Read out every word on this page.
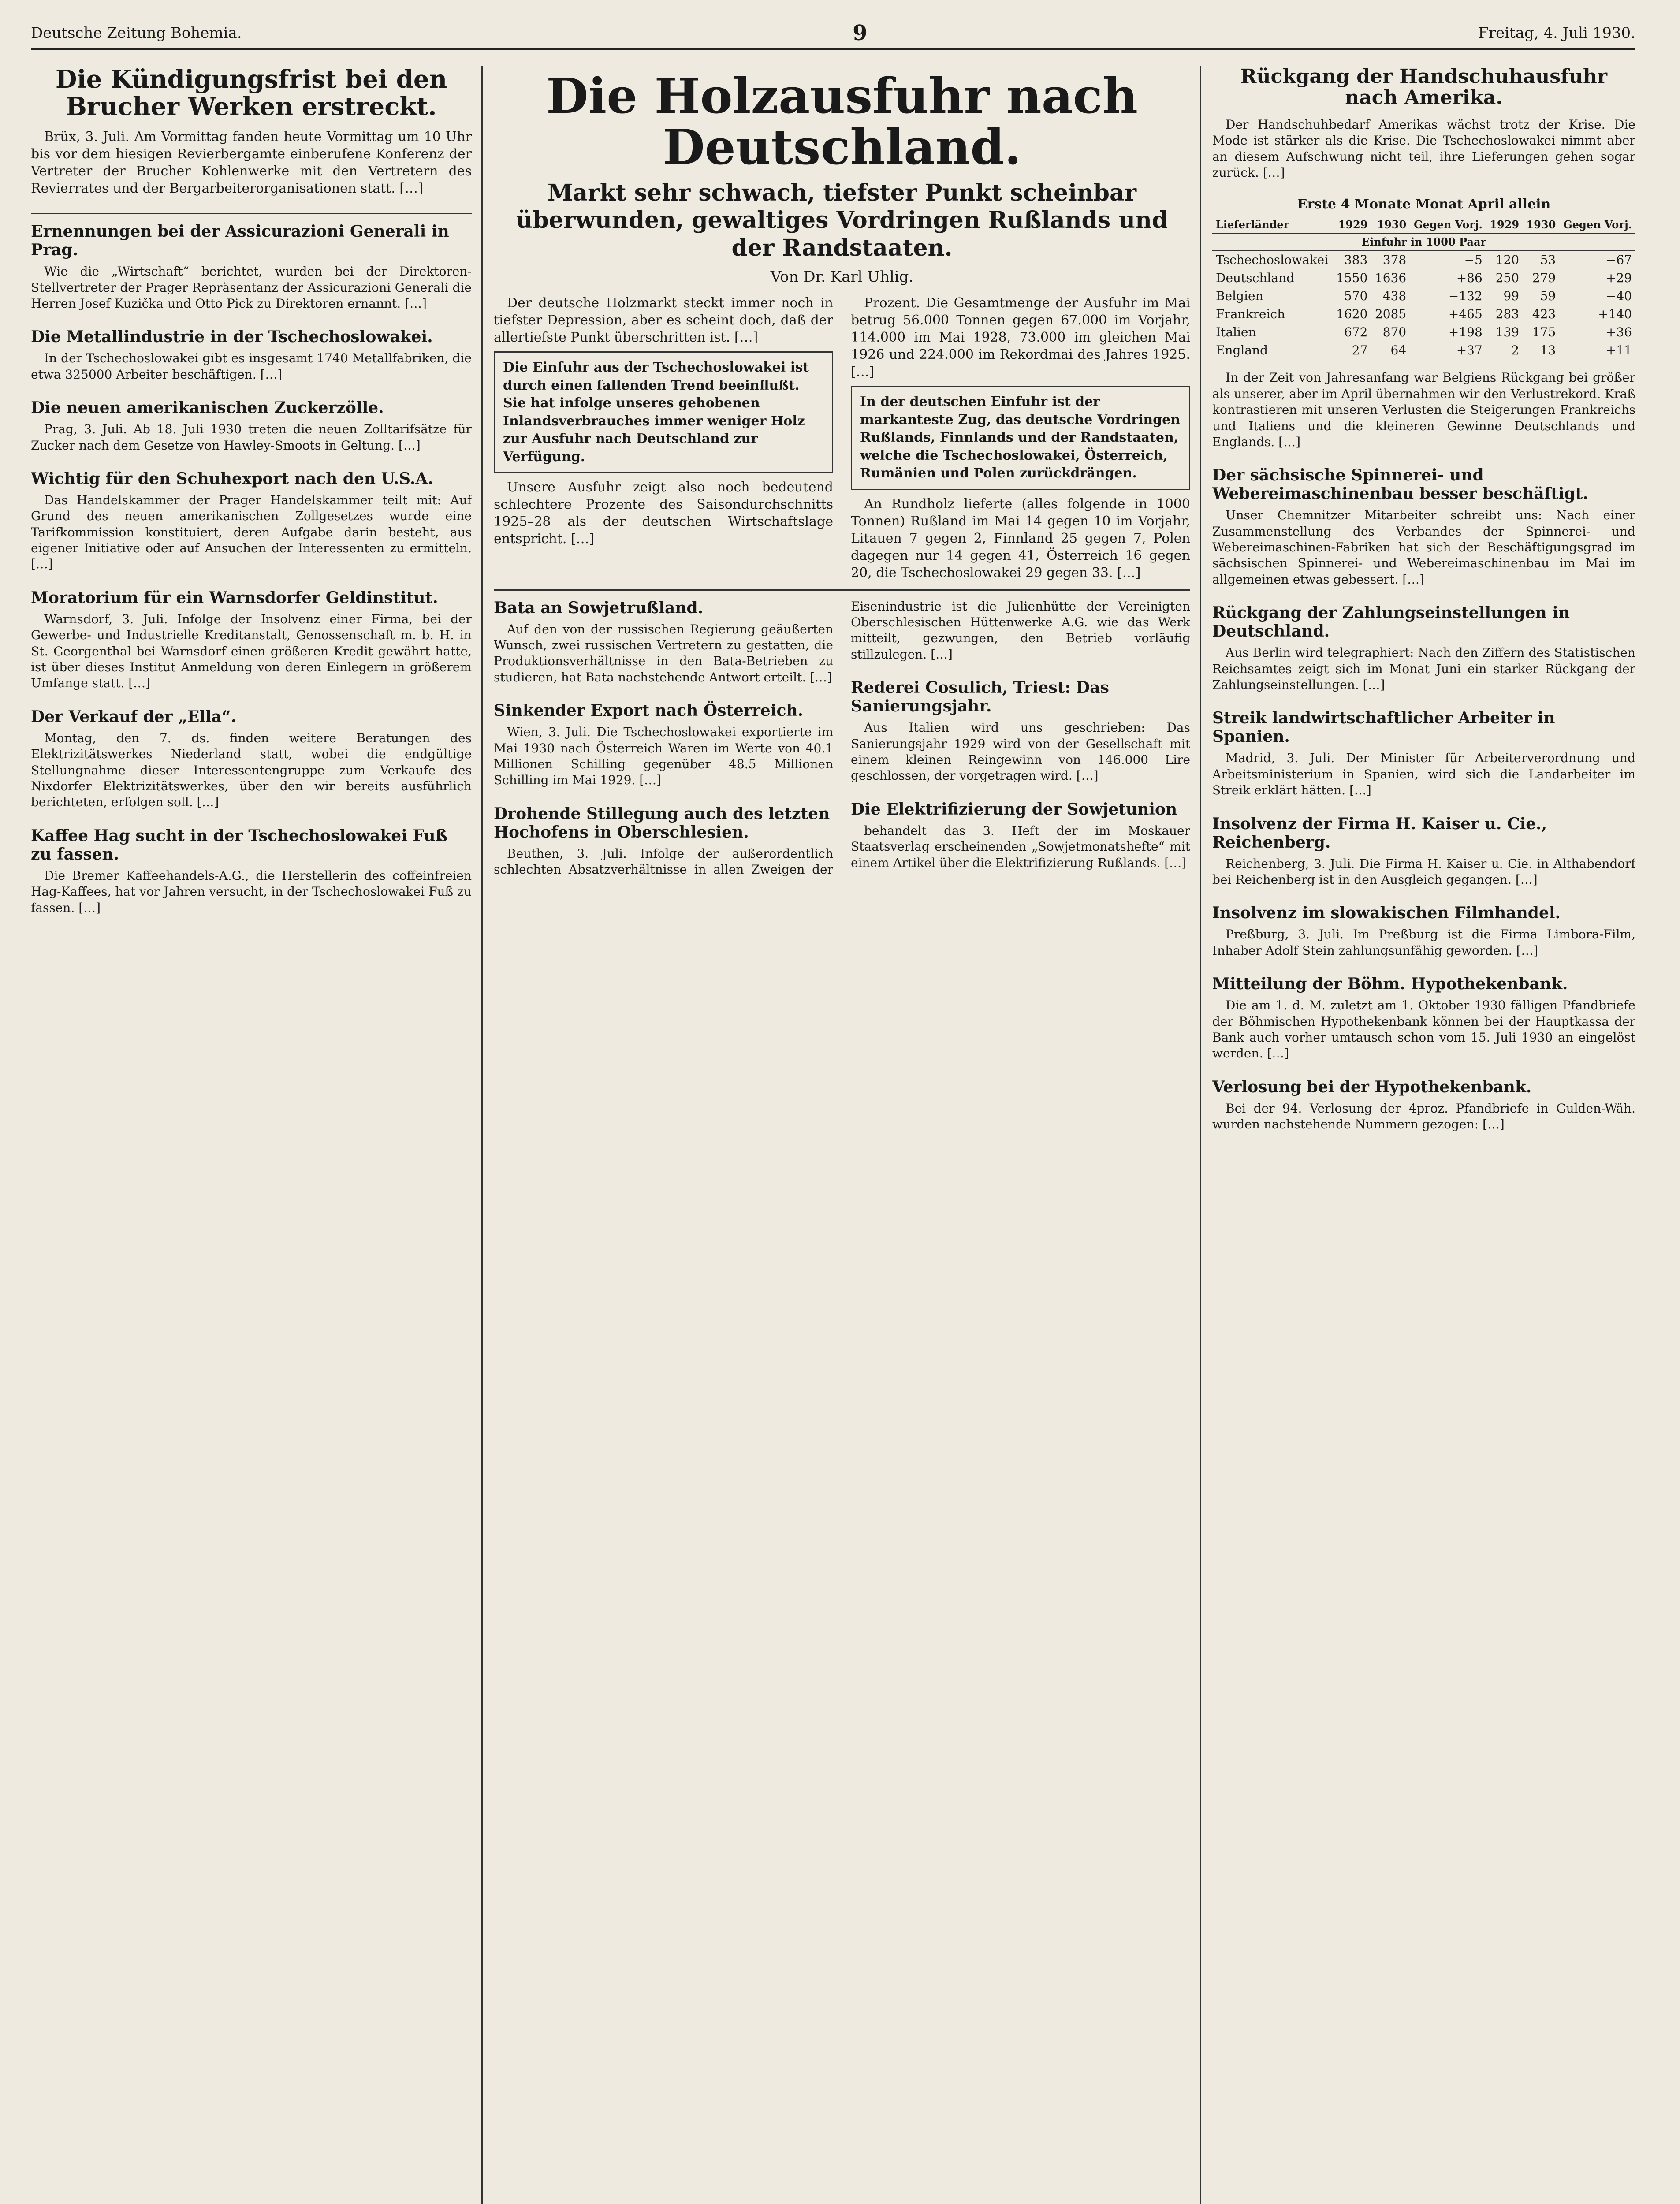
Deutsche Zeitung Bohemia.	9	Freitag, 4. Juli 1930.
Die Kündigungsfrist bei den Brucher Werken erstreckt.

Brüx, 3. Juli. Am Vormittag fanden heute Vormittag um 10 Uhr bis vor dem hiesigen Revierbergamte einberufene Konferenz der Vertreter der Brucher Kohlenwerke mit den Vertretern des Revierrates und der Bergarbeiterorganisationen statt. […]

Ernennungen bei der Assicurazioni Generali in Prag.

Wie die „Wirtschaft“ berichtet, wurden bei der Direktoren-Stellvertreter der Prager Repräsentanz der Assicurazioni Generali die Herren Josef Kuzička und Otto Pick zu Direktoren ernannt. […]

Die Metallindustrie in der Tschechoslowakei.

In der Tschechoslowakei gibt es insgesamt 1740 Metallfabriken, die etwa 325000 Arbeiter beschäftigen. […]

Die neuen amerikanischen Zuckerzölle.

Prag, 3. Juli. Ab 18. Juli 1930 treten die neuen Zolltarifsätze für Zucker nach dem Gesetze von Hawley-Smoots in Geltung. […]

Wichtig für den Schuhexport nach den U.S.A.

Das Handelskammer der Prager Handelskammer teilt mit: Auf Grund des neuen amerikanischen Zollgesetzes wurde eine Tarifkommission konstituiert, deren Aufgabe darin besteht, aus eigener Initiative oder auf Ansuchen der Interessenten zu ermitteln. […]

Moratorium für ein Warnsdorfer Geldinstitut.

Warnsdorf, 3. Juli. Infolge der Insolvenz einer Firma, bei der Gewerbe- und Industrielle Kreditanstalt, Genossenschaft m. b. H. in St. Georgenthal bei Warnsdorf einen größeren Kredit gewährt hatte, ist über dieses Institut Anmeldung von deren Einlegern in größerem Umfange statt. […]

Der Verkauf der „Ella“.

Montag, den 7. ds. finden weitere Beratungen des Elektrizitätswerkes Niederland statt, wobei die endgültige Stellungnahme dieser Interessentengruppe zum Verkaufe des Nixdorfer Elektrizitätswerkes, über den wir bereits ausführlich berichteten, erfolgen soll. […]

Kaffee Hag sucht in der Tschechoslowakei Fuß zu fassen.

Die Bremer Kaffeehandels-A.G., die Herstellerin des coffeinfreien Hag-Kaffees, hat vor Jahren versucht, in der Tschechoslowakei Fuß zu fassen. […]

Die Holzausfuhr nach Deutschland.
Markt sehr schwach, tiefster Punkt scheinbar überwunden, gewaltiges Vordringen Rußlands und der Randstaaten.
Von Dr. Karl Uhlig.

Der deutsche Holzmarkt steckt immer noch in tiefster Depression, aber es scheint doch, daß der allertiefste Punkt überschritten ist. […]

Die Einfuhr aus der Tschechoslowakei ist durch einen fallenden Trend beeinflußt. Sie hat infolge unseres gehobenen Inlandsverbrauches immer weniger Holz zur Ausfuhr nach Deutschland zur Verfügung.

Unsere Ausfuhr zeigt also noch bedeutend schlechtere Prozente des Saisondurchschnitts 1925–28 als der deutschen Wirtschaftslage entspricht. […]

Prozent. Die Gesamtmenge der Ausfuhr im Mai betrug 56.000 Tonnen gegen 67.000 im Vorjahr, 114.000 im Mai 1928, 73.000 im gleichen Mai 1926 und 224.000 im Rekordmai des Jahres 1925. […]

In der deutschen Einfuhr ist der markanteste Zug, das deutsche Vordringen Rußlands, Finnlands und der Randstaaten, welche die Tschechoslowakei, Österreich, Rumänien und Polen zurückdrängen.

An Rundholz lieferte (alles folgende in 1000 Tonnen) Rußland im Mai 14 gegen 10 im Vorjahr, Litauen 7 gegen 2, Finnland 25 gegen 7, Polen dagegen nur 14 gegen 41, Österreich 16 gegen 20, die Tschechoslowakei 29 gegen 33. […]

Bata an Sowjetrußland.

Auf den von der russischen Regierung geäußerten Wunsch, zwei russischen Vertretern zu gestatten, die Produktionsverhältnisse in den Bata-Betrieben zu studieren, hat Bata nachstehende Antwort erteilt. […]

Sinkender Export nach Österreich.

Wien, 3. Juli. Die Tschechoslowakei exportierte im Mai 1930 nach Österreich Waren im Werte von 40.1 Millionen Schilling gegenüber 48.5 Millionen Schilling im Mai 1929. […]

Drohende Stillegung auch des letzten Hochofens in Oberschlesien.

Beuthen, 3. Juli. Infolge der außerordentlich schlechten Absatzverhältnisse in allen Zweigen der Eisenindustrie ist die Julienhütte der Vereinigten Oberschlesischen Hüttenwerke A.G. wie das Werk mitteilt, gezwungen, den Betrieb vorläufig stillzulegen. […]

Rederei Cosulich, Triest: Das Sanierungsjahr.

Aus Italien wird uns geschrieben: Das Sanierungsjahr 1929 wird von der Gesellschaft mit einem kleinen Reingewinn von 146.000 Lire geschlossen, der vorgetragen wird. […]

Die Elektrifizierung der Sowjetunion

behandelt das 3. Heft der im Moskauer Staatsverlag erscheinenden „Sowjetmonatshefte“ mit einem Artikel über die Elektrifizierung Rußlands. […]

Rückgang der Handschuhausfuhr nach Amerika.

Der Handschuhbedarf Amerikas wächst trotz der Krise. Die Mode ist stärker als die Krise. Die Tschechoslowakei nimmt aber an diesem Aufschwung nicht teil, ihre Lieferungen gehen sogar zurück. […]

Erste 4 Monate Monat April allein
Lieferländer	1929	1930	Gegen Vorj.	1929	1930	Gegen Vorj.
Einfuhr in 1000 Paar						
Tschechoslowakei	383	378	−5	120	53	−67
Deutschland	1550	1636	+86	250	279	+29
Belgien	570	438	−132	99	59	−40
Frankreich	1620	2085	+465	283	423	+140
Italien	672	870	+198	139	175	+36
England	27	64	+37	2	13	+11

In der Zeit von Jahresanfang war Belgiens Rückgang bei größer als unserer, aber im April übernahmen wir den Verlustrekord. Kraß kontrastieren mit unseren Verlusten die Steigerungen Frankreichs und Italiens und die kleineren Gewinne Deutschlands und Englands. […]

Der sächsische Spinnerei- und Webereimaschinenbau besser beschäftigt.

Unser Chemnitzer Mitarbeiter schreibt uns: Nach einer Zusammenstellung des Verbandes der Spinnerei- und Webereimaschinen-Fabriken hat sich der Beschäftigungsgrad im sächsischen Spinnerei- und Webereimaschinenbau im Mai im allgemeinen etwas gebessert. […]

Rückgang der Zahlungseinstellungen in Deutschland.

Aus Berlin wird telegraphiert: Nach den Ziffern des Statistischen Reichsamtes zeigt sich im Monat Juni ein starker Rückgang der Zahlungseinstellungen. […]

Streik landwirtschaftlicher Arbeiter in Spanien.

Madrid, 3. Juli. Der Minister für Arbeiterverordnung und Arbeitsministerium in Spanien, wird sich die Landarbeiter im Streik erklärt hätten. […]

Insolvenz der Firma H. Kaiser u. Cie., Reichenberg.

Reichenberg, 3. Juli. Die Firma H. Kaiser u. Cie. in Althabendorf bei Reichenberg ist in den Ausgleich gegangen. […]

Insolvenz im slowakischen Filmhandel.

Preßburg, 3. Juli. Im Preßburg ist die Firma Limbora-Film, Inhaber Adolf Stein zahlungsunfähig geworden. […]

Mitteilung der Böhm. Hypothekenbank.

Die am 1. d. M. zuletzt am 1. Oktober 1930 fälligen Pfandbriefe der Böhmischen Hypothekenbank können bei der Hauptkassa der Bank auch vorher umtausch schon vom 15. Juli 1930 an eingelöst werden. […]

Verlosung bei der Hypothekenbank.

Bei der 94. Verlosung der 4proz. Pfandbriefe in Gulden-Wäh. wurden nachstehende Nummern gezogen: […]
